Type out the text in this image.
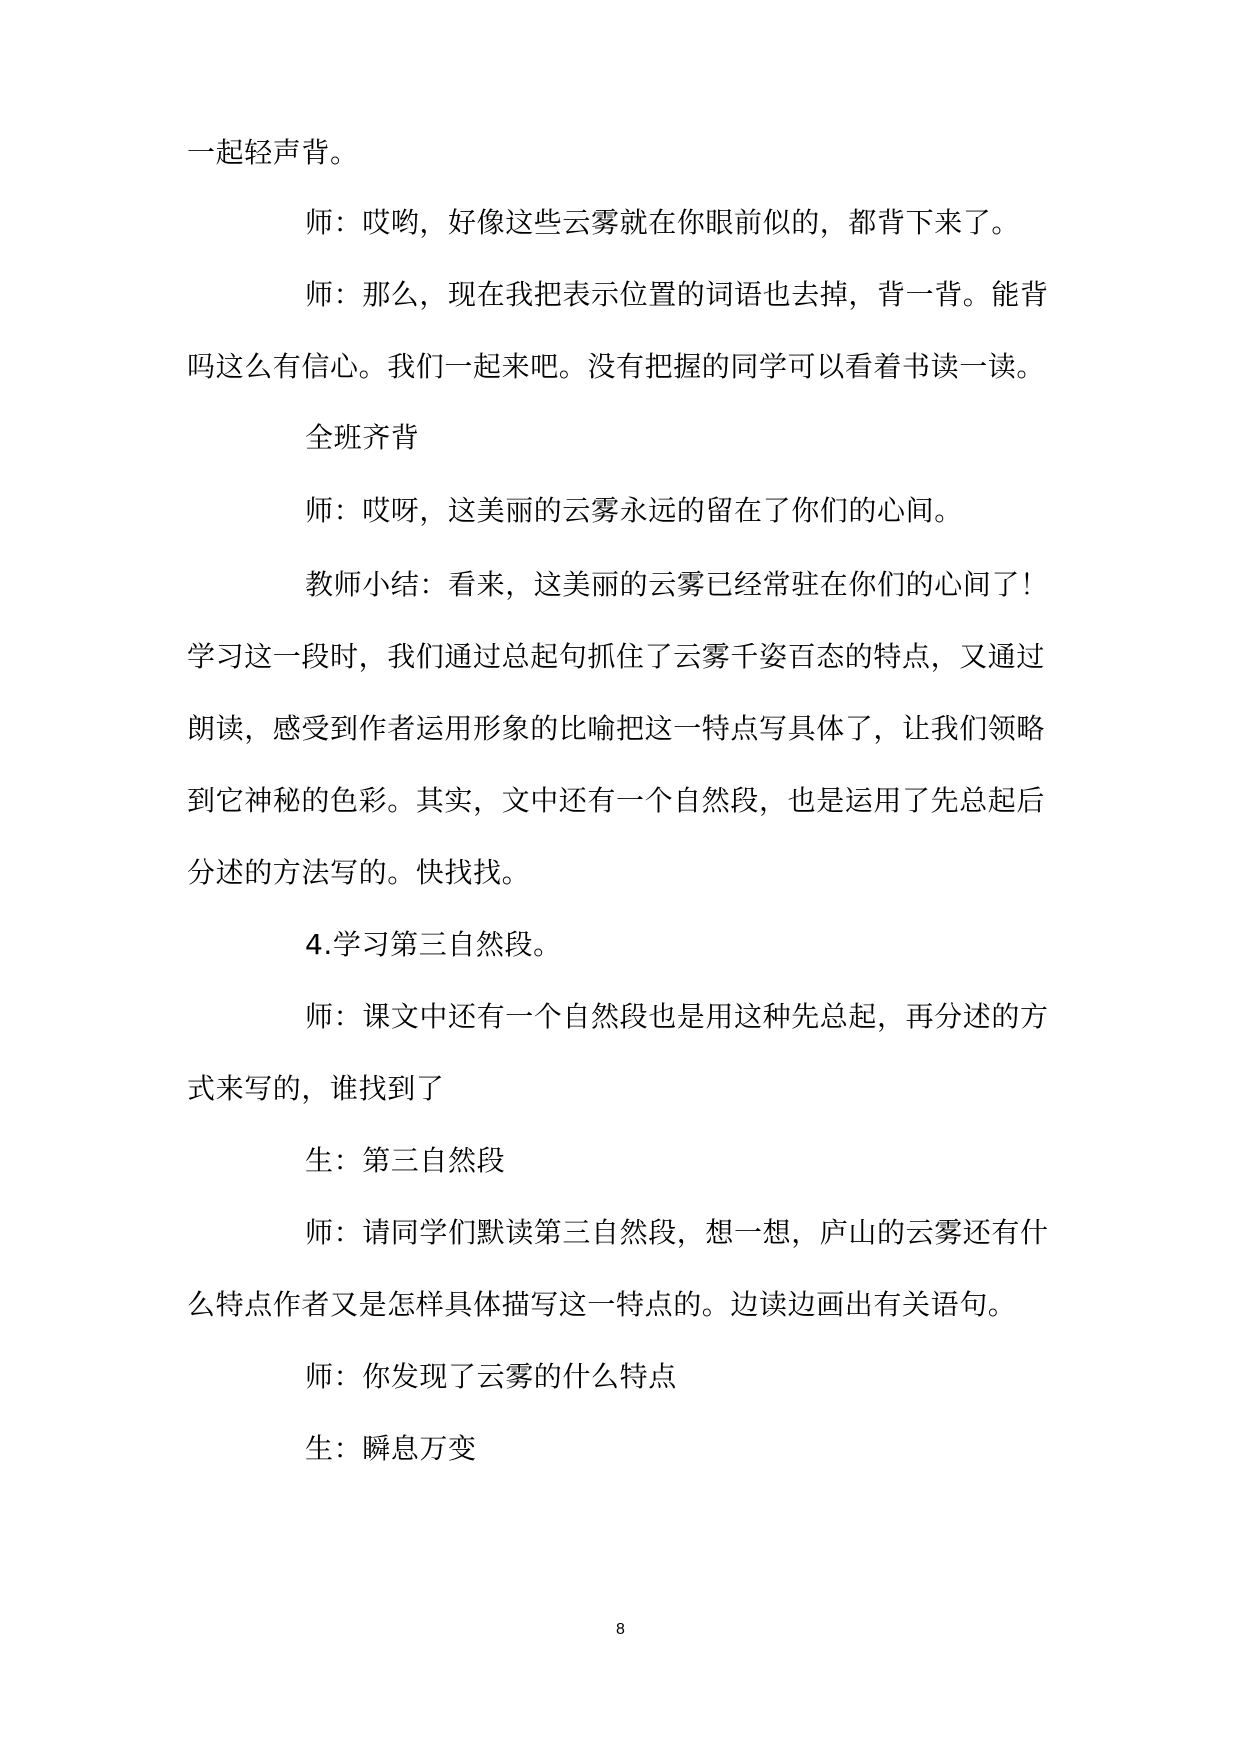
一起轻声背。
师：哎哟，好像这些云雾就在你眼前似的，都背下来了。
师：那么，现在我把表示位置的词语也去掉，背一背。能背
吗这么有信心。我们一起来吧。没有把握的同学可以看着书读一读。
全班齐背
师：哎呀，这美丽的云雾永远的留在了你们的心间。
教师小结：看来，这美丽的云雾已经常驻在你们的心间了！
学习这一段时，我们通过总起句抓住了云雾千姿百态的特点，又通过
朗读，感受到作者运用形象的比喻把这一特点写具体了，让我们领略
到它神秘的色彩。其实，文中还有一个自然段，也是运用了先总起后
分述的方法写的。快找找。
4.学习第三自然段。
师：课文中还有一个自然段也是用这种先总起，再分述的方
式来写的，谁找到了
生：第三自然段
师：请同学们默读第三自然段，想一想，庐山的云雾还有什
么特点作者又是怎样具体描写这一特点的。边读边画出有关语句。
师：你发现了云雾的什么特点
生：瞬息万变
8
